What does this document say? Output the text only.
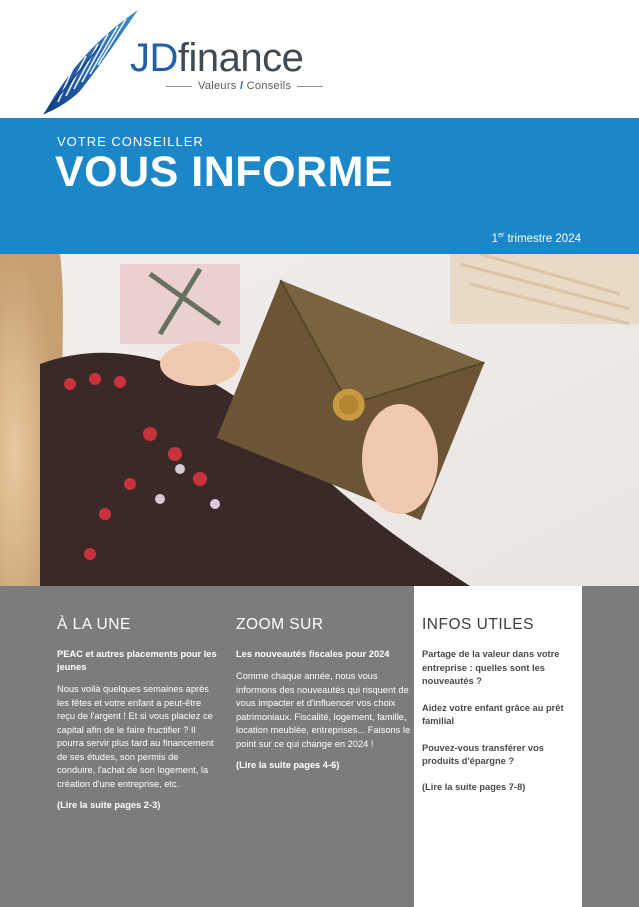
JDfinance
Valeurs / Conseils
VOTRE CONSEILLER
VOUS INFORME
1er trimestre 2024
À LA UNE

PEAC et autres placements pour les jeunes

Nous voilà quelques semaines après les fêtes et votre enfant a peut-être reçu de l'argent ! Et si vous placiez ce capital afin de le faire fructifier ? Il pourra servir plus tard au financement de ses études, son permis de conduire, l'achat de son logement, la création d'une entreprise, etc.

(Lire la suite pages 2-3)

ZOOM SUR

Les nouveautés fiscales pour 2024

Comme chaque année, nous vous informons des nouveautés qui risquent de vous impacter et d'influencer vos choix patrimoniaux. Fiscalité, logement, famille, location meublée, entreprises... Faisons le point sur ce qui change en 2024 !

(Lire la suite pages 4-6)

INFOS UTILES

Partage de la valeur dans votre entreprise : quelles sont les nouveautés ?

Aidez votre enfant grâce au prêt familial

Pouvez-vous transférer vos produits d'épargne ?

(Lire la suite pages 7-8)
